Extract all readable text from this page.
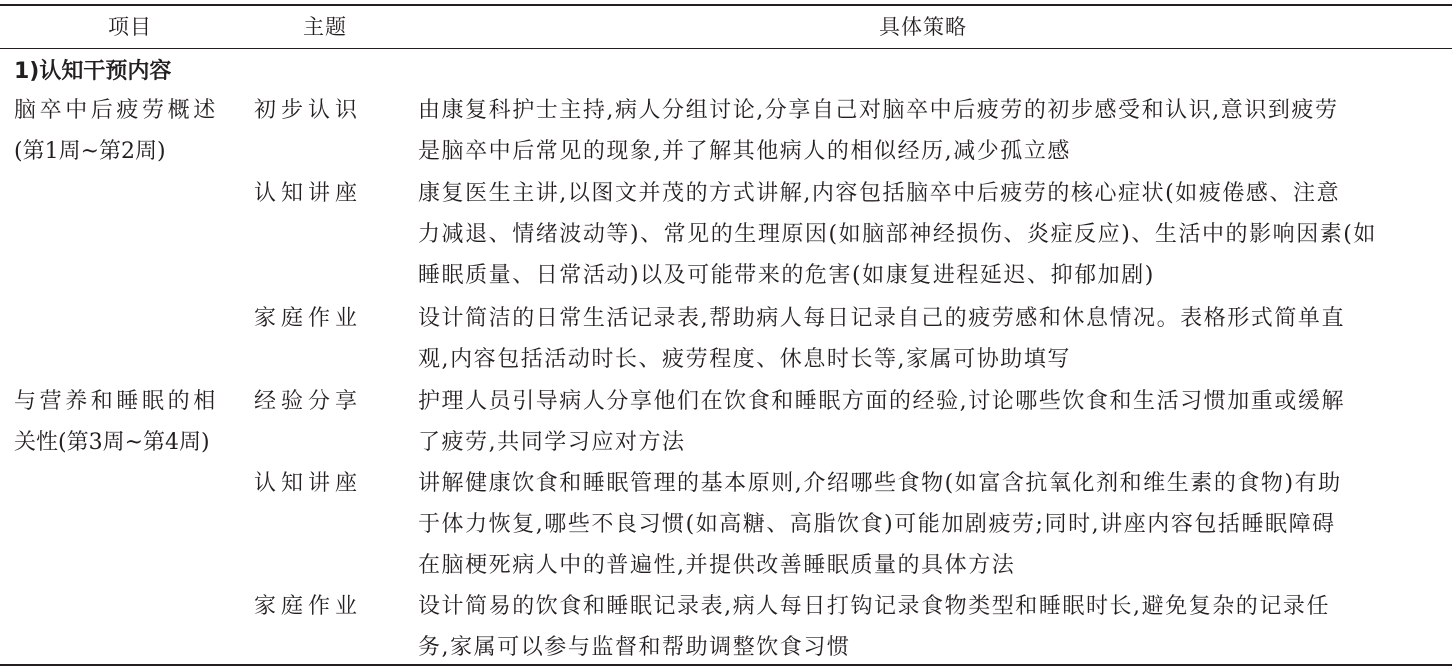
项目	主题	具体策略
1)认知干预内容
脑卒中后疲劳概述
(第1周~第2周)
初步认识	由康复科护士主持,病人分组讨论,分享自己对脑卒中后疲劳的初步感受和认识,意识到疲劳
是脑卒中后常见的现象,并了解其他病人的相似经历,减少孤立感
认知讲座	康复医生主讲,以图文并茂的方式讲解,内容包括脑卒中后疲劳的核心症状(如疲倦感、注意
力减退、情绪波动等)、常见的生理原因(如脑部神经损伤、炎症反应)、生活中的影响因素(如
睡眠质量、日常活动)以及可能带来的危害(如康复进程延迟、抑郁加剧)
家庭作业	设计简洁的日常生活记录表,帮助病人每日记录自己的疲劳感和休息情况。表格形式简单直
观,内容包括活动时长、疲劳程度、休息时长等,家属可协助填写
与营养和睡眠的相
关性(第3周~第4周)
经验分享	护理人员引导病人分享他们在饮食和睡眠方面的经验,讨论哪些饮食和生活习惯加重或缓解
了疲劳,共同学习应对方法
认知讲座	讲解健康饮食和睡眠管理的基本原则,介绍哪些食物(如富含抗氧化剂和维生素的食物)有助
于体力恢复,哪些不良习惯(如高糖、高脂饮食)可能加剧疲劳;同时,讲座内容包括睡眠障碍
在脑梗死病人中的普遍性,并提供改善睡眠质量的具体方法
家庭作业	设计简易的饮食和睡眠记录表,病人每日打钩记录食物类型和睡眠时长,避免复杂的记录任
务,家属可以参与监督和帮助调整饮食习惯
